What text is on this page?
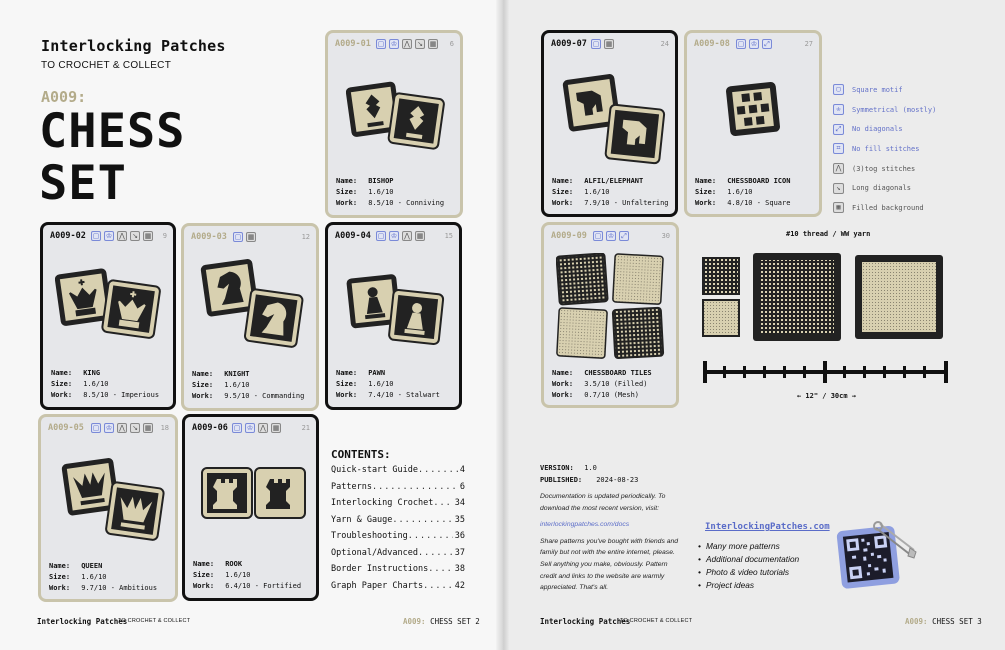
Interlocking Patches
TO CROCHET & COLLECT
A009:
CHESS
SET
A009-01 ▢ ♔ ⋀	↘ ▦ 6
Name: BISHOP
Size: 1.6/10
Work: 8.5/10 - Conniving
A009-02 ▢ ♔ ⋀	↘ ▦ 9
Name: KING
Size: 1.6/10
Work: 8.5/10 - Imperious
A009-03 ▢ ▦	12
Name: KNIGHT
Size: 1.6/10
Work: 9.5/10 - Commanding
A009-04 ▢ ♔ ⋀ ▦	15
Name: PAWN
Size: 1.6/10
Work: 7.4/10 - Stalwart
A009-05 ▢ ♔ ⋀	↘ ▦ 18
Name: QUEEN
Size: 1.6/10
Work: 9.7/10 - Ambitious
A009-06 ▢ ♔ ⋀ ▦	21
Name: ROOK
Size: 1.6/10
Work: 6.4/10 - Fortified
CONTENTS:
Quick-start Guide .....	4
Patterns .....	6
Interlocking Crochet .....	34
Yarn & Gauge .....	35
Troubleshooting .....	36
Optional/Advanced .....	37
Border Instructions .....	38
Graph Paper Charts .....	42
Interlocking Patches
TO CROCHET & COLLECT	A009: CHESS SET 2
A009-07 ▢ ▦	24
Name: ALFIL/ELEPHANT
Size: 1.6/10
Work: 7.9/10 - Unfaltering
A009-08 ▢ ♔	⤢	27
Name: CHESSBOARD ICON
Size: 1.6/10
Work: 4.8/10 - Square
A009-09 ▢ ♔	⤢	30
Name: CHESSBOARD TILES
Work: 3.5/10 (Filled)
Work: 0.7/10 (Mesh)
▢	Square motif
♔	Symmetrical (mostly)
⤢	No diagonals
⌗	No fill stitches
⋀	(3)tog stitches
↘	Long diagonals
▦	Filled background
#10 thread / WW yarn
← 12" / 30cm →
VERSION: 1.0
PUBLISHED: 2024-08-23
Documentation is updated periodically. To download the most recent version, visit:
interlockingpatches.com/docs
Share patterns you've bought with friends and family but not with the entire internet, please. Sell anything you make, obviously. Pattern credit and links to the website are warmly appreciated. That's all.
InterlockingPatches.com
• Many more patterns
• Additional documentation
• Photo & video tutorials
• Project ideas
Interlocking Patches
TO CROCHET & COLLECT	A009: CHESS SET 3
